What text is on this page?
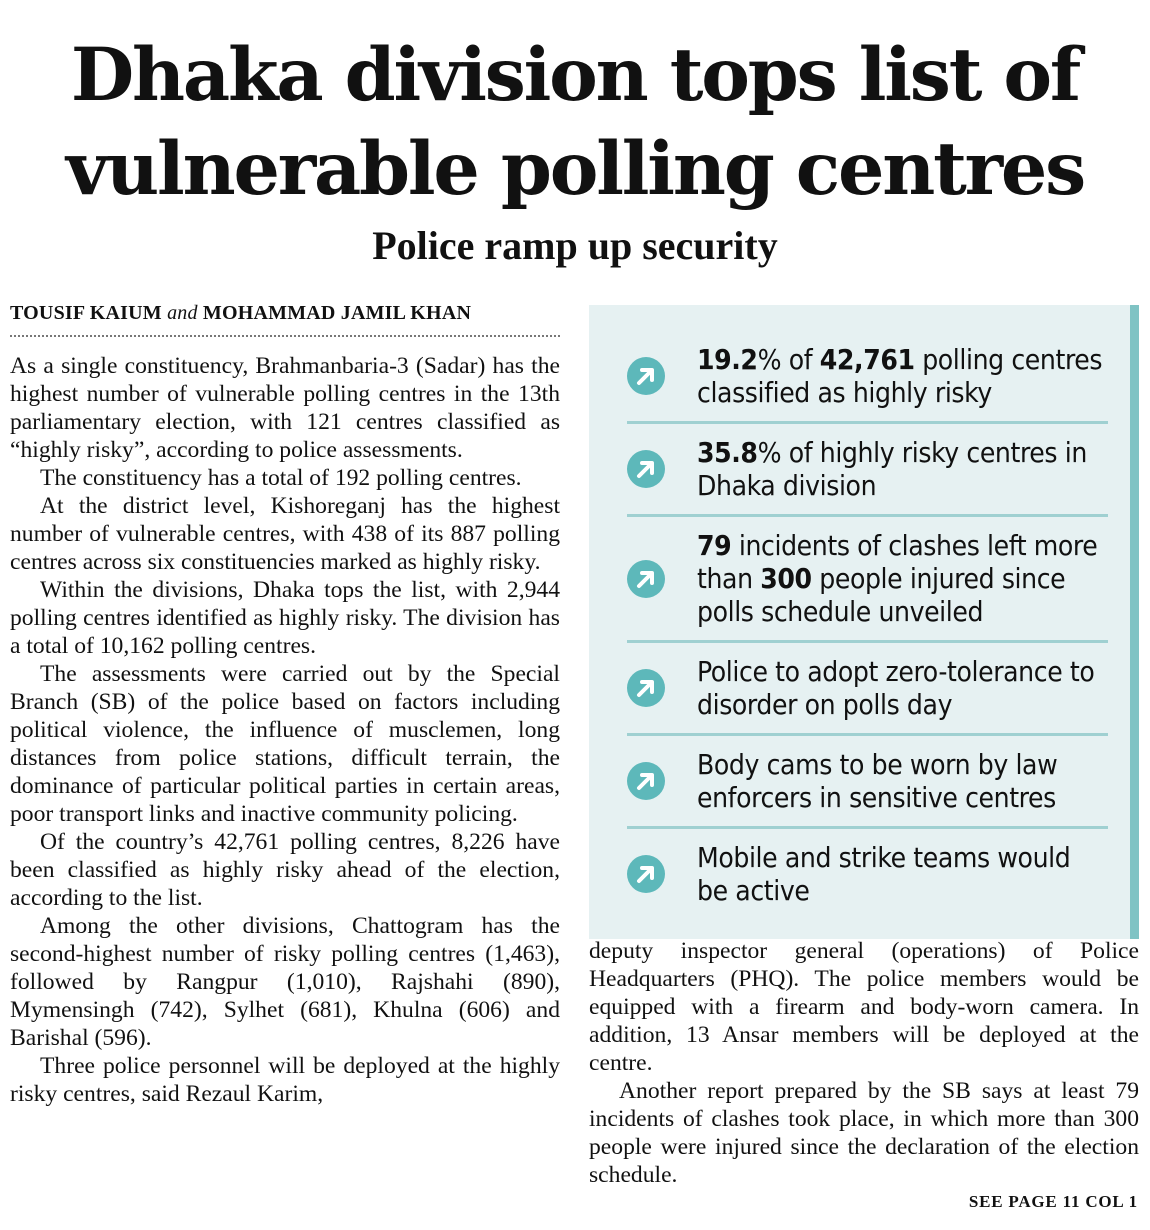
Dhaka division tops list of
vulnerable polling centres
Police ramp up security
TOUSIF KAIUM and MOHAMMAD JAMIL KHAN

As a single constituency, Brahmanbaria-3 (Sadar) has the highest number of vulnerable polling centres in the 13th parliamentary election, with 121 centres classified as “highly risky”, according to police assessments.

The constituency has a total of 192 polling centres.

At the district level, Kishoreganj has the highest number of vulnerable centres, with 438 of its 887 polling centres across six constituencies marked as highly risky.

Within the divisions, Dhaka tops the list, with 2,944 polling centres identified as highly risky. The division has a total of 10,162 polling centres.

The assessments were carried out by the Special Branch (SB) of the police based on factors including political violence, the influence of musclemen, long distances from police stations, difficult terrain, the dominance of particular political parties in certain areas, poor transport links and inactive community policing.

Of the country’s 42,761 polling centres, 8,226 have been classified as highly risky ahead of the election, according to the list.

Among the other divisions, Chattogram has the second-highest number of risky polling centres (1,463), followed by Rangpur (1,010), Rajshahi (890), Mymensingh (742), Sylhet (681), Khulna (606) and Barishal (596).

Three police personnel will be deployed at the highly risky centres, said Rezaul Karim,

19.2% of 42,761 polling centres classified as highly risky
35.8% of highly risky centres in Dhaka division
79 incidents of clashes left more than 300 people injured since polls schedule unveiled
Police to adopt zero-tolerance to disorder on polls day
Body cams to be worn by law enforcers in sensitive centres
Mobile and strike teams would be active

deputy inspector general (operations) of Police Headquarters (PHQ). The police members would be equipped with a firearm and body-worn camera. In addition, 13 Ansar members will be deployed at the centre.

Another report prepared by the SB says at least 79 incidents of clashes took place, in which more than 300 people were injured since the declaration of the election schedule.

SEE PAGE 11 COL 1
